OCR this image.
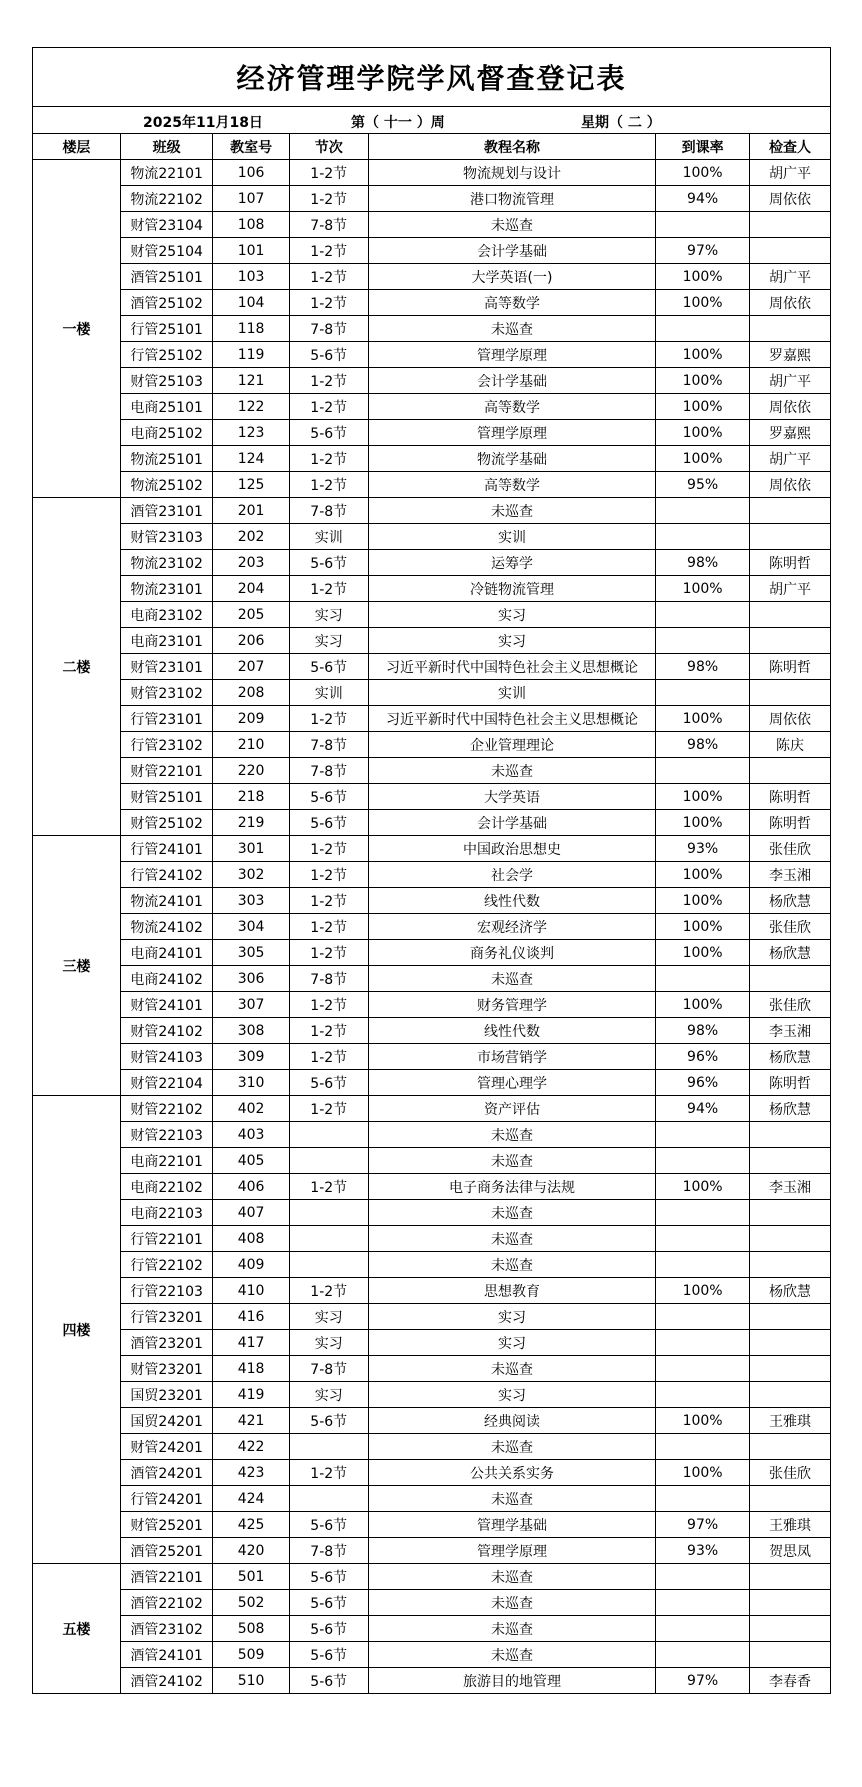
经济管理学院学风督查登记表
2025年11月18日	第（ 十一 ）周	星期（ 二 ）
楼层	班级	教室号	节次	教程名称	到课率	检查人
一楼	物流22101	106	1-2节	物流规划与设计	100%	胡广平
	物流22102	107	1-2节	港口物流管理	94%	周依依
	财管23104	108	7-8节	未巡查		
	财管25104	101	1-2节	会计学基础	97%	
	酒管25101	103	1-2节	大学英语(一)	100%	胡广平
	酒管25102	104	1-2节	高等数学	100%	周依依
	行管25101	118	7-8节	未巡查		
	行管25102	119	5-6节	管理学原理	100%	罗嘉熙
	财管25103	121	1-2节	会计学基础	100%	胡广平
	电商25101	122	1-2节	高等数学	100%	周依依
	电商25102	123	5-6节	管理学原理	100%	罗嘉熙
	物流25101	124	1-2节	物流学基础	100%	胡广平
	物流25102	125	1-2节	高等数学	95%	周依依
二楼	酒管23101	201	7-8节	未巡查		
	财管23103	202	实训	实训		
	物流23102	203	5-6节	运筹学	98%	陈明哲
	物流23101	204	1-2节	冷链物流管理	100%	胡广平
	电商23102	205	实习	实习		
	电商23101	206	实习	实习		
	财管23101	207	5-6节	习近平新时代中国特色社会主义思想概论	98%	陈明哲
	财管23102	208	实训	实训		
	行管23101	209	1-2节	习近平新时代中国特色社会主义思想概论	100%	周依依
	行管23102	210	7-8节	企业管理理论	98%	陈庆
	财管22101	220	7-8节	未巡查		
	财管25101	218	5-6节	大学英语	100%	陈明哲
	财管25102	219	5-6节	会计学基础	100%	陈明哲
三楼	行管24101	301	1-2节	中国政治思想史	93%	张佳欣
	行管24102	302	1-2节	社会学	100%	李玉湘
	物流24101	303	1-2节	线性代数	100%	杨欣慧
	物流24102	304	1-2节	宏观经济学	100%	张佳欣
	电商24101	305	1-2节	商务礼仪谈判	100%	杨欣慧
	电商24102	306	7-8节	未巡查		
	财管24101	307	1-2节	财务管理学	100%	张佳欣
	财管24102	308	1-2节	线性代数	98%	李玉湘
	财管24103	309	1-2节	市场营销学	96%	杨欣慧
	财管22104	310	5-6节	管理心理学	96%	陈明哲
四楼	财管22102	402	1-2节	资产评估	94%	杨欣慧
	财管22103	403		未巡查		
	电商22101	405		未巡查		
	电商22102	406	1-2节	电子商务法律与法规	100%	李玉湘
	电商22103	407		未巡查		
	行管22101	408		未巡查		
	行管22102	409		未巡查		
	行管22103	410	1-2节	思想教育	100%	杨欣慧
	行管23201	416	实习	实习		
	酒管23201	417	实习	实习		
	财管23201	418	7-8节	未巡查		
	国贸23201	419	实习	实习		
	国贸24201	421	5-6节	经典阅读	100%	王雅琪
	财管24201	422		未巡查		
	酒管24201	423	1-2节	公共关系实务	100%	张佳欣
	行管24201	424		未巡查		
	财管25201	425	5-6节	管理学基础	97%	王雅琪
	酒管25201	420	7-8节	管理学原理	93%	贺思凤
五楼	酒管22101	501	5-6节	未巡查		
	酒管22102	502	5-6节	未巡查		
	酒管23102	508	5-6节	未巡查		
	酒管24101	509	5-6节	未巡查		
	酒管24102	510	5-6节	旅游目的地管理	97%	李春香
